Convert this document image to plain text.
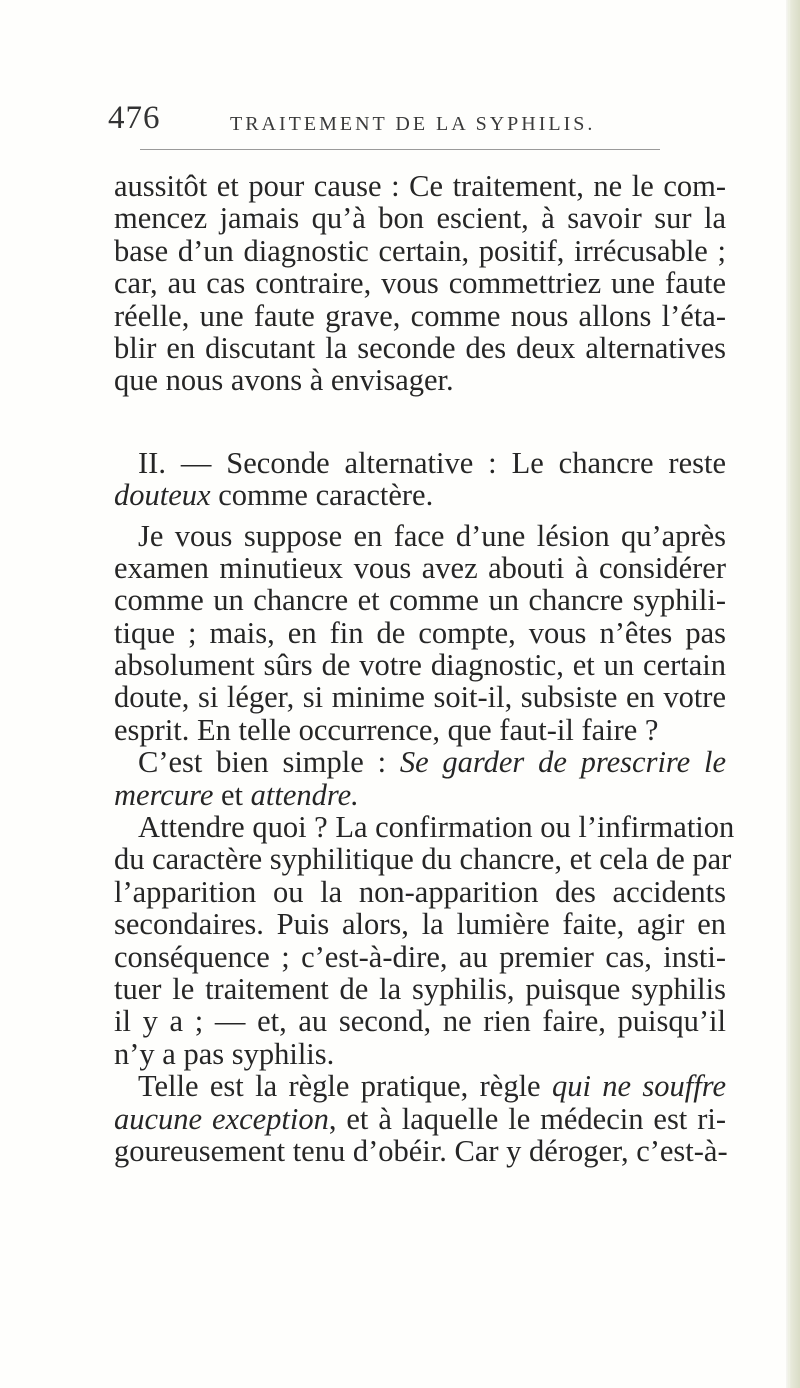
476	TRAITEMENT DE LA SYPHILIS.
aussitôt et pour cause : Ce traitement, ne le com-
mencez jamais qu’à bon escient, à savoir sur la
base d’un diagnostic certain, positif, irrécusable ;
car, au cas contraire, vous commettriez une faute
réelle, une faute grave, comme nous allons l’éta-
blir en discutant la seconde des deux alternatives
que nous avons à envisager.
II. — Seconde alternative : Le chancre reste
douteux comme caractère.
Je vous suppose en face d’une lésion qu’après
examen minutieux vous avez abouti à considérer
comme un chancre et comme un chancre syphili-
tique ; mais, en fin de compte, vous n’êtes pas
absolument sûrs de votre diagnostic, et un certain
doute, si léger, si minime soit-il, subsiste en votre
esprit. En telle occurrence, que faut-il faire ?
C’est bien simple : Se garder de prescrire le
mercure et attendre.
Attendre quoi ? La confirmation ou l’infirmation
du caractère syphilitique du chancre, et cela de par
l’apparition ou la non-apparition des accidents
secondaires. Puis alors, la lumière faite, agir en
conséquence ; c’est-à-dire, au premier cas, insti-
tuer le traitement de la syphilis, puisque syphilis
il y a ; — et, au second, ne rien faire, puisqu’il
n’y a pas syphilis.
Telle est la règle pratique, règle qui ne souffre
aucune exception, et à laquelle le médecin est ri-
goureusement tenu d’obéir. Car y déroger, c’est-à-
